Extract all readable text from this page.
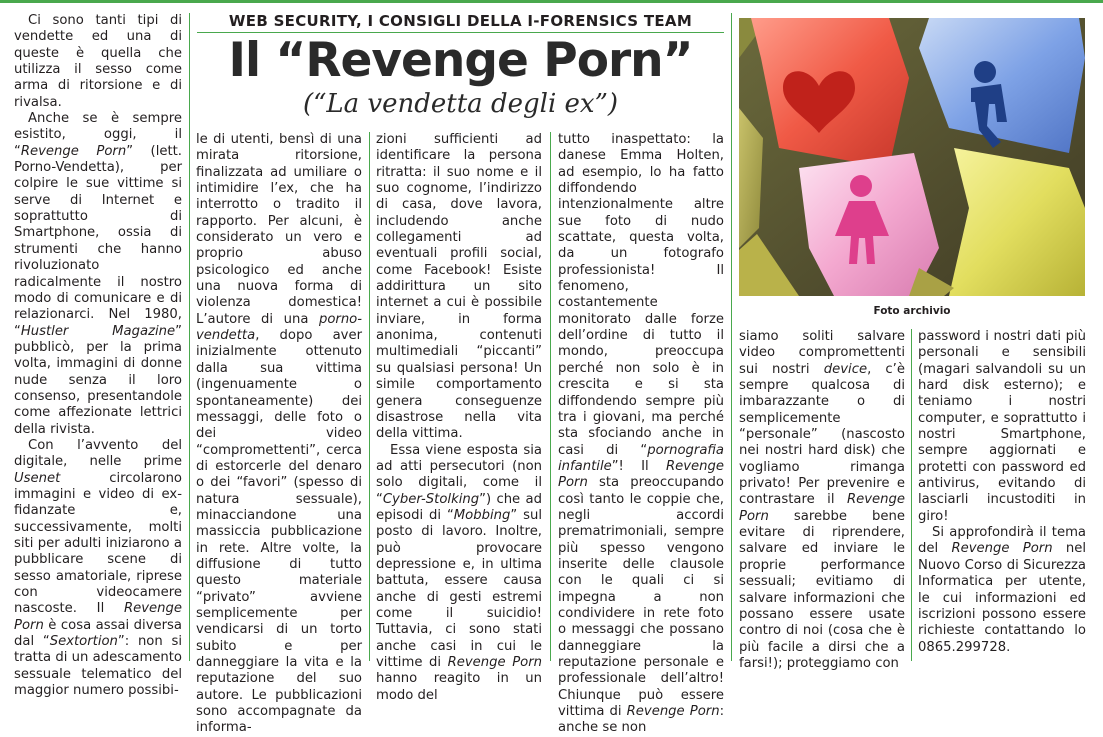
Ci sono tanti tipi di vendette ed una di queste è quella che utilizza il sesso come arma di ritorsione e di rivalsa.

Anche se è sempre esistito, oggi, il “Revenge Porn” (lett. Porno-Vendetta), per colpire le sue vittime si serve di Internet e soprattutto di Smartphone, ossia di strumenti che hanno rivoluzionato radicalmente il nostro modo di comunicare e di relazionarci. Nel 1980, “Hustler Magazine” pubblicò, per la prima volta, immagini di donne nude senza il loro consenso, presentandole come affezionate lettrici della rivista.

Con l’avvento del digitale, nelle prime Usenet circolarono immagini e video di ex-fidanzate e, successivamente, molti siti per adulti iniziarono a pubblicare scene di sesso amatoriale, riprese con videocamere nascoste. Il Revenge Porn è cosa assai diversa dal “Sextortion”: non si tratta di un adescamento sessuale telematico del maggior numero possibi-

WEB SECURITY, I CONSIGLI DELLA I-FORENSICS TEAM
Il “Revenge Porn”
(“La vendetta degli ex”)

le di utenti, bensì di una mirata ritorsione, finalizzata ad umiliare o intimidire l’ex, che ha interrotto o tradito il rapporto. Per alcuni, è considerato un vero e proprio abuso psicologico ed anche una nuova forma di violenza domestica! L’autore di una porno-vendetta, dopo aver inizialmente ottenuto dalla sua vittima (ingenuamente o spontaneamente) dei messaggi, delle foto o dei video “compromettenti”, cerca di estorcerle del denaro o dei “favori” (spesso di natura sessuale), minacciandone una massiccia pubblicazione in rete. Altre volte, la diffusione di tutto questo materiale “privato” avviene semplicemente per vendicarsi di un torto subito e per danneggiare la vita e la reputazione del suo autore. Le pubblicazioni sono accompagnate da informa-

zioni sufficienti ad identificare la persona ritratta: il suo nome e il suo cognome, l’indirizzo di casa, dove lavora, includendo anche collegamenti ad eventuali profili social, come Facebook! Esiste addirittura un sito internet a cui è possibile inviare, in forma anonima, contenuti multimediali “piccanti” su qualsiasi persona! Un simile comportamento genera conseguenze disastrose nella vita della vittima.

Essa viene esposta sia ad atti persecutori (non solo digitali, come il “Cyber-Stolking”) che ad episodi di “Mobbing” sul posto di lavoro. Inoltre, può provocare depressione e, in ultima battuta, essere causa anche di gesti estremi come il suicidio! Tuttavia, ci sono stati anche casi in cui le vittime di Revenge Porn hanno reagito in un modo del

tutto inaspettato: la danese Emma Holten, ad esempio, lo ha fatto diffondendo intenzionalmente altre sue foto di nudo scattate, questa volta, da un fotografo professionista! Il fenomeno, costantemente monitorato dalle forze dell’ordine di tutto il mondo, preoccupa perché non solo è in crescita e si sta diffondendo sempre più tra i giovani, ma perché sta sfociando anche in casi di “pornografia infantile”! Il Revenge Porn sta preoccupando così tanto le coppie che, negli accordi prematrimoniali, sempre più spesso vengono inserite delle clausole con le quali ci si impegna a non condividere in rete foto o messaggi che possano danneggiare la reputazione personale e professionale dell’altro! Chiunque può essere vittima di Revenge Porn: anche se non

Foto archivio

siamo soliti salvare video compromettenti sui nostri device, c’è sempre qualcosa di imbarazzante o di semplicemente “personale” (nascosto nei nostri hard disk) che vogliamo rimanga privato! Per prevenire e contrastare il Revenge Porn sarebbe bene evitare di riprendere, salvare ed inviare le proprie performance sessuali; evitiamo di salvare informazioni che possano essere usate contro di noi (cosa che è più facile a dirsi che a farsi!); proteggiamo con

password i nostri dati più personali e sensibili (magari salvandoli su un hard disk esterno); e teniamo i nostri computer, e soprattutto i nostri Smartphone, sempre aggiornati e protetti con password ed antivirus, evitando di lasciarli incustoditi in giro!

Si approfondirà il tema del Revenge Porn nel Nuovo Corso di Sicurezza Informatica per utente, le cui informazioni ed iscrizioni possono essere richieste contattando lo 0865.299728.
